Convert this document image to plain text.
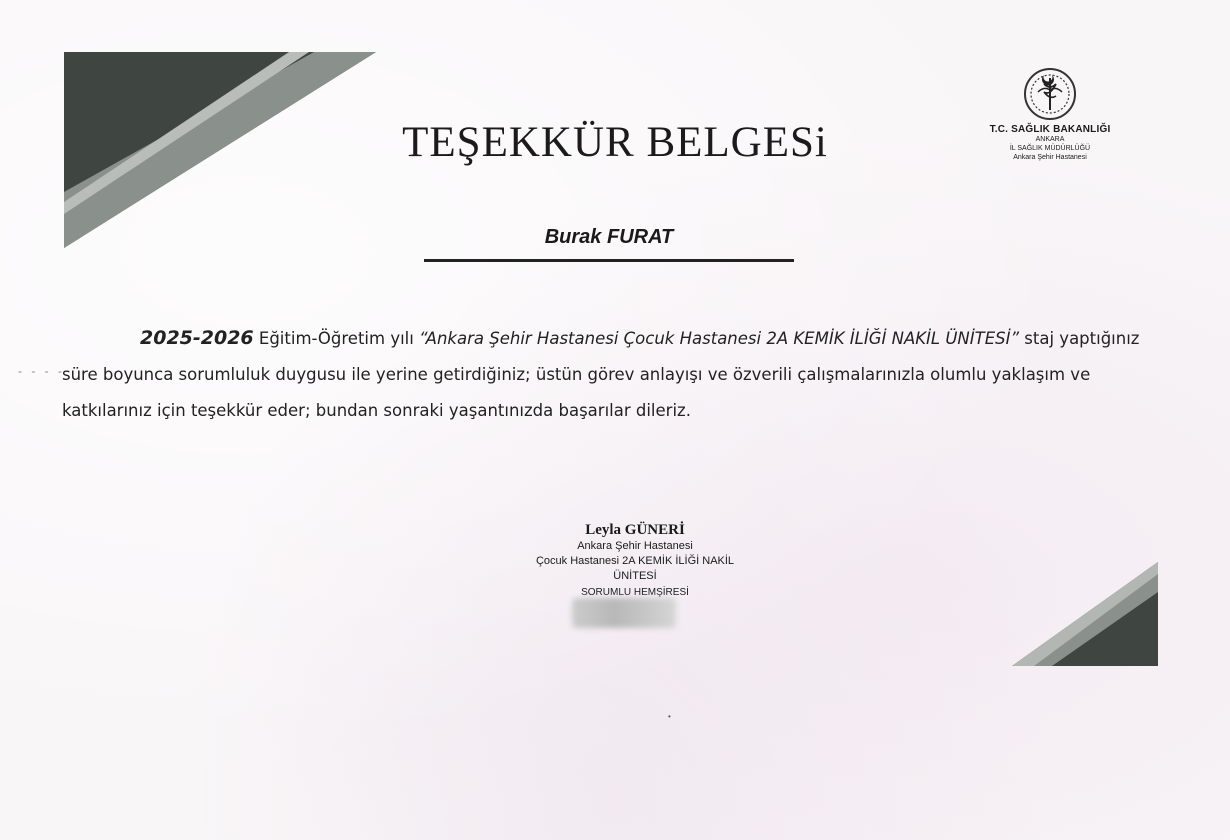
TEŞEKKÜR BELGESi	T.C. SAĞLIK BAKANLIĞI
ANKARA
İL SAĞLIK MÜDÜRLÜĞÜ
Ankara Şehir Hastanesi
Burak FURAT
- - - -
2025-2026 Eğitim-Öğretim yılı “Ankara Şehir Hastanesi Çocuk Hastanesi 2A KEMİK İLİĞİ NAKİL ÜNİTESİ” staj yaptığınız süre boyunca sorumluluk duygusu ile yerine getirdiğiniz; üstün görev anlayışı ve özverili çalışmalarınızla olumlu yaklaşım ve katkılarınız için teşekkür eder; bundan sonraki yaşantınızda başarılar dileriz.
Leyla GÜNERİ
Ankara Şehir Hastanesi
Çocuk Hastanesi 2A KEMİK İLİĞİ NAKİL
ÜNİTESİ
SORUMLU HEMŞİRESİ
•
